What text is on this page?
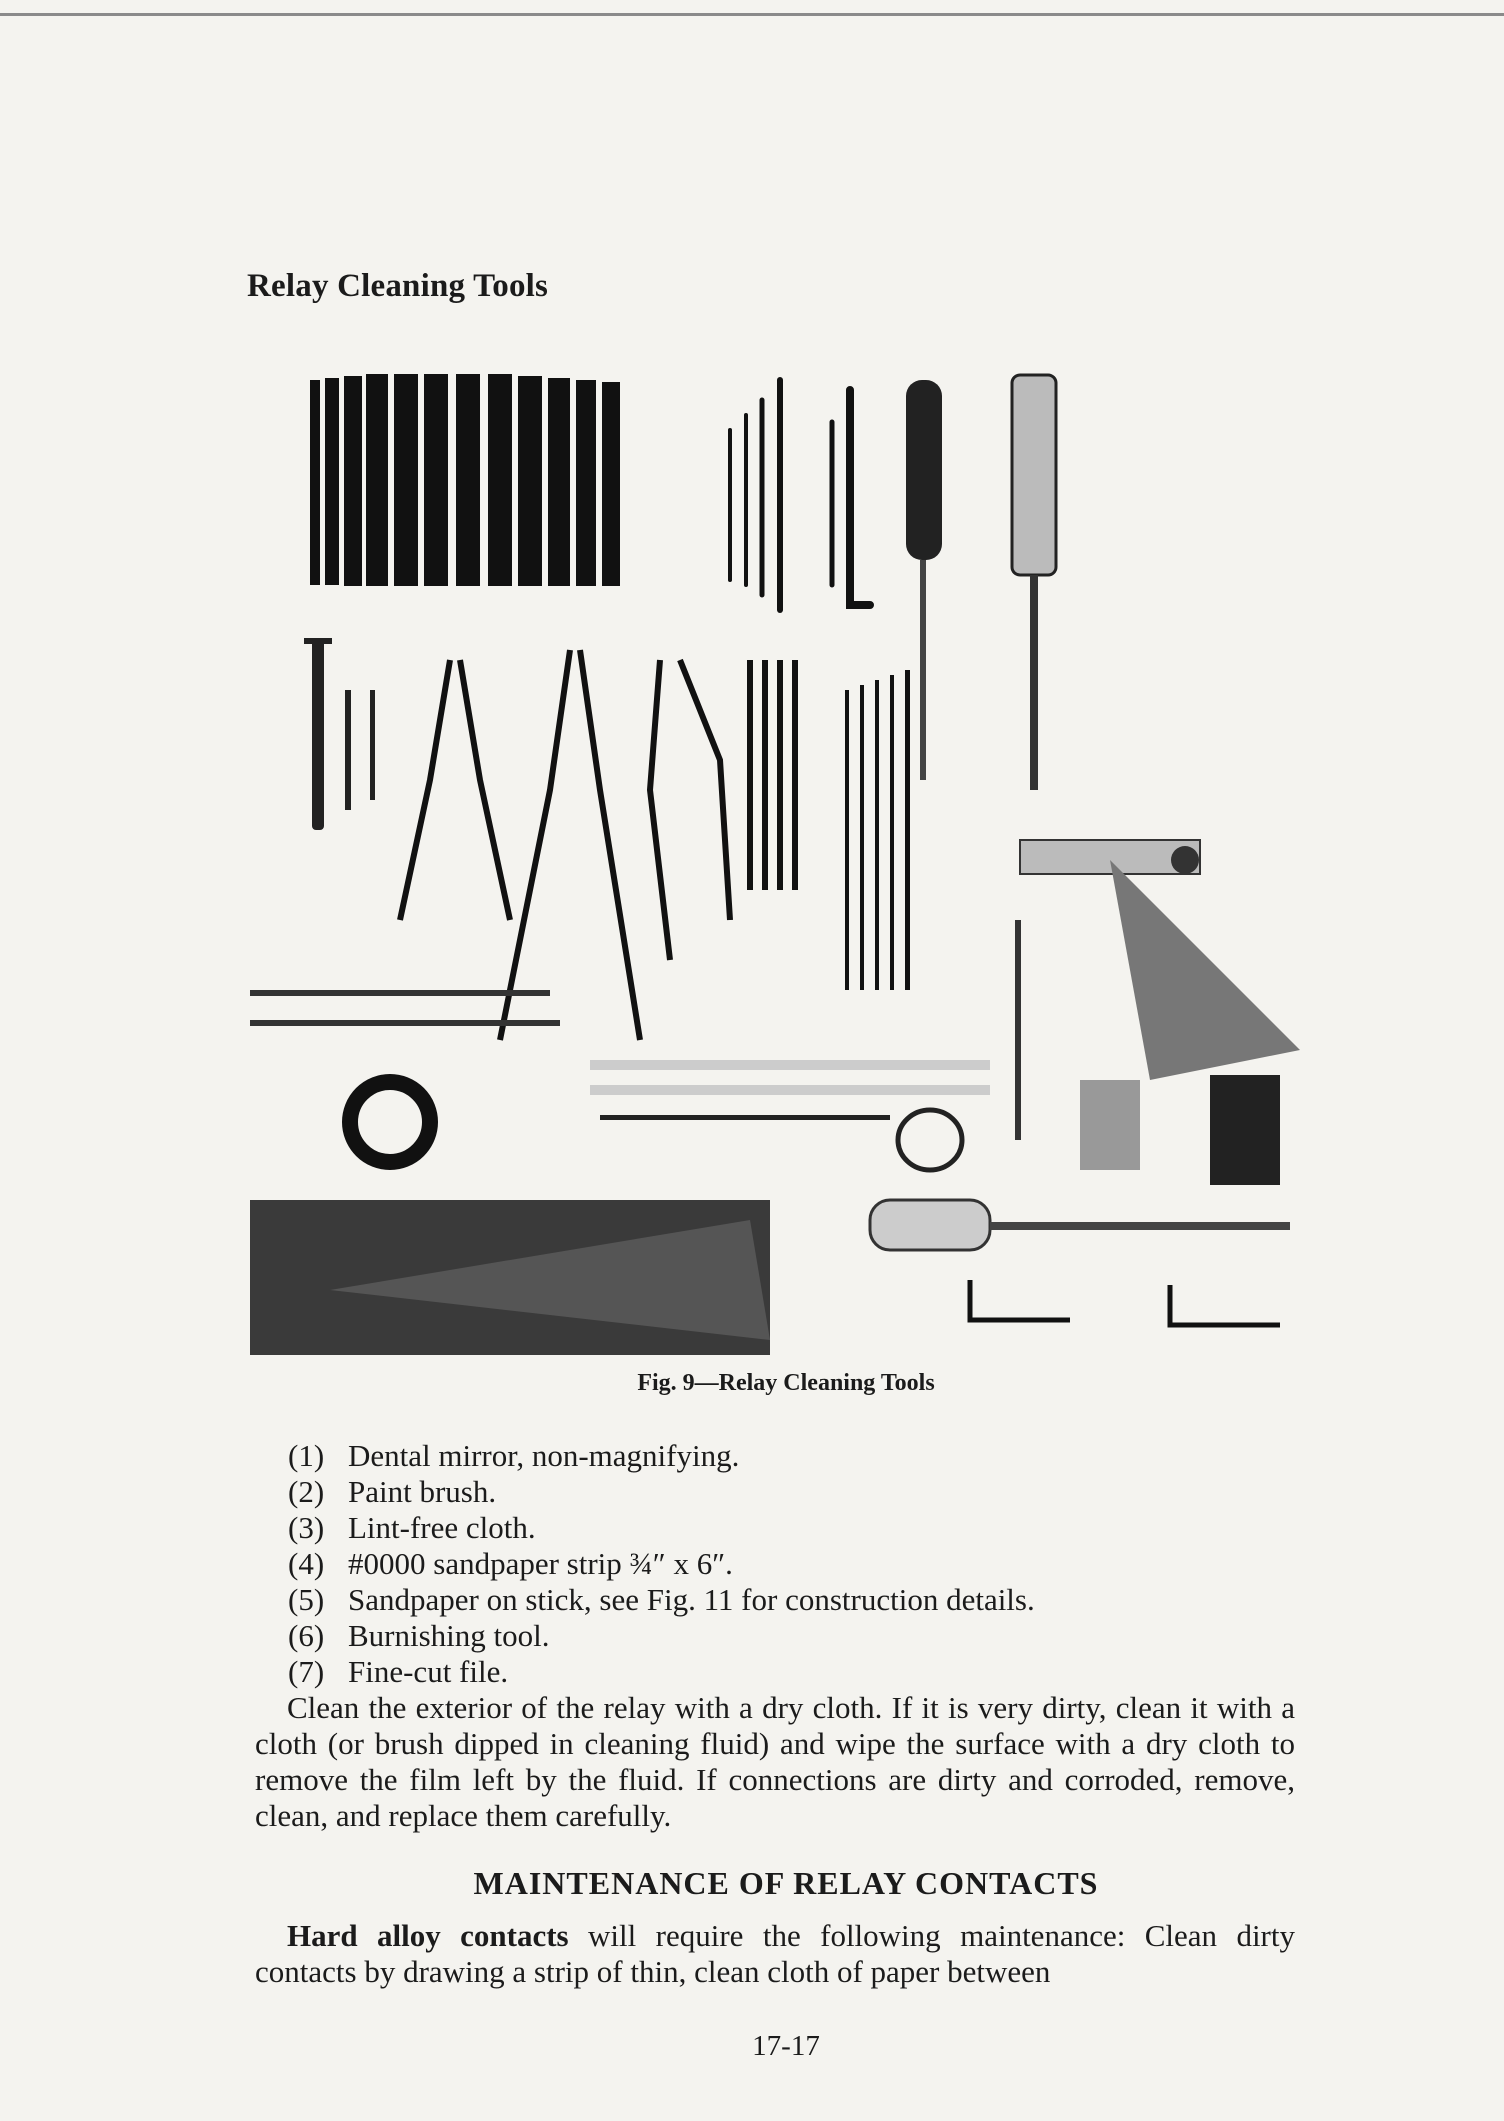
Relay Cleaning Tools
Fig. 9—Relay Cleaning Tools
(1) Dental mirror, non-magnifying.
(2) Paint brush.
(3) Lint-free cloth.
(4) #0000 sandpaper strip ¾″ x 6″.
(5) Sandpaper on stick, see Fig. 11 for construction details.
(6) Burnishing tool.
(7) Fine-cut file.

Clean the exterior of the relay with a dry cloth. If it is very dirty, clean it with a cloth (or brush dipped in cleaning fluid) and wipe the surface with a dry cloth to remove the film left by the fluid. If connections are dirty and corroded, remove, clean, and replace them carefully.

MAINTENANCE OF RELAY CONTACTS

Hard alloy contacts will require the following maintenance: Clean dirty contacts by drawing a strip of thin, clean cloth of paper between

17-17
